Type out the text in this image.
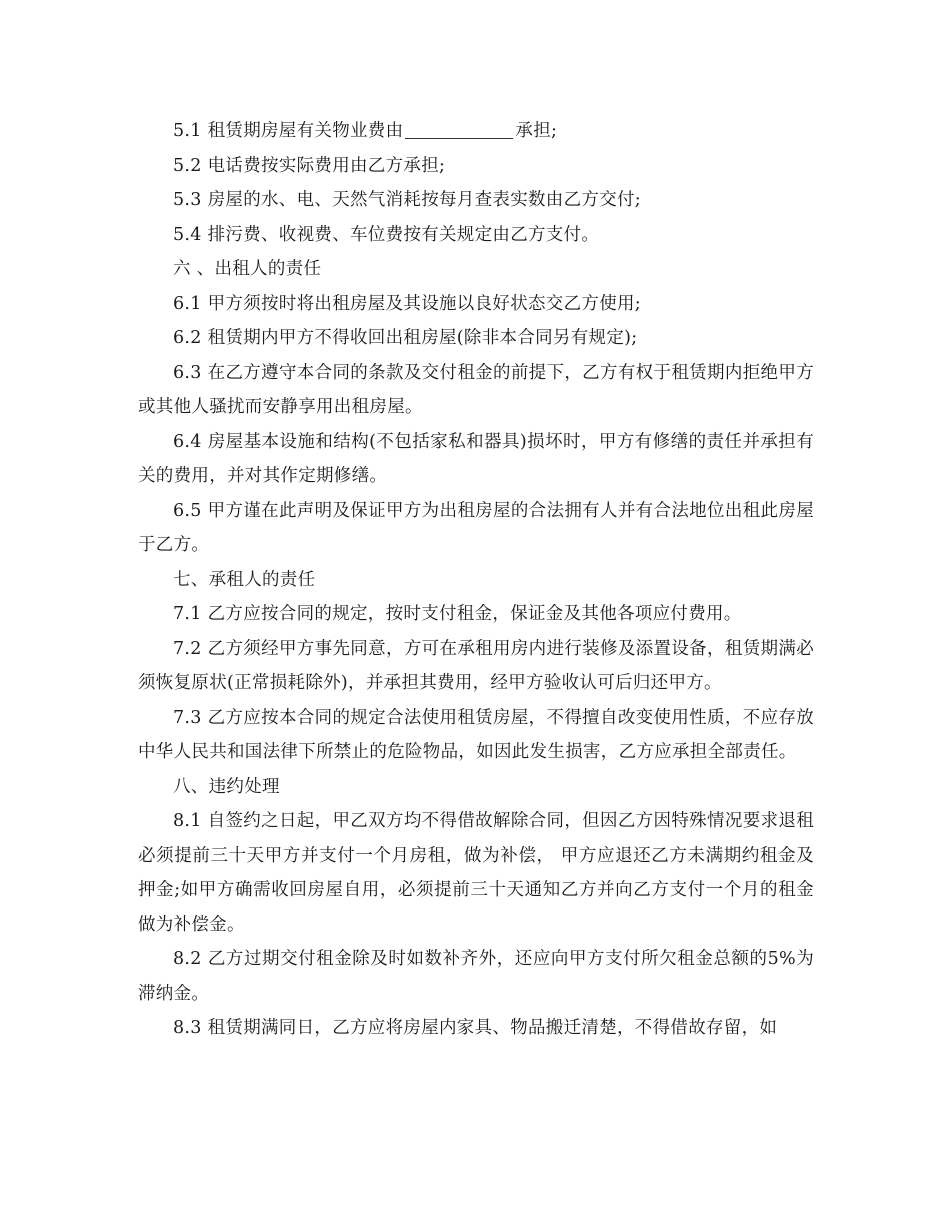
5.1 租赁期房屋有关物业费由	承担;

5.2 电话费按实际费用由乙方承担;

5.3 房屋的水、电、天然气消耗按每月查表实数由乙方交付;

5.4 排污费、收视费、车位费按有关规定由乙方支付。

六 、出租人的责任

6.1 甲方须按时将出租房屋及其设施以良好状态交乙方使用;

6.2 租赁期内甲方不得收回出租房屋(除非本合同另有规定);

6.3 在乙方遵守本合同的条款及交付租金的前提下，乙方有权于租赁期内拒绝甲方或其他人骚扰而安静享用出租房屋。

6.4 房屋基本设施和结构(不包括家私和器具)损坏时，甲方有修缮的责任并承担有关的费用，并对其作定期修缮。

6.5 甲方谨在此声明及保证甲方为出租房屋的合法拥有人并有合法地位出租此房屋于乙方。

七、承租人的责任

7.1 乙方应按合同的规定，按时支付租金，保证金及其他各项应付费用。

7.2 乙方须经甲方事先同意，方可在承租用房内进行装修及添置设备，租赁期满必须恢复原状(正常损耗除外)，并承担其费用，经甲方验收认可后归还甲方。

7.3 乙方应按本合同的规定合法使用租赁房屋，不得擅自改变使用性质，不应存放中华人民共和国法律下所禁止的危险物品，如因此发生损害，乙方应承担全部责任。

八、违约处理

8.1 自签约之日起，甲乙双方均不得借故解除合同，但因乙方因特殊情况要求退租必须提前三十天甲方并支付一个月房租，做为补偿， 甲方应退还乙方未满期约租金及押金;如甲方确需收回房屋自用，必须提前三十天通知乙方并向乙方支付一个月的租金做为补偿金。

8.2 乙方过期交付租金除及时如数补齐外，还应向甲方支付所欠租金总额的5%为滞纳金。

8.3 租赁期满同日，乙方应将房屋内家具、物品搬迁清楚，不得借故存留，如
